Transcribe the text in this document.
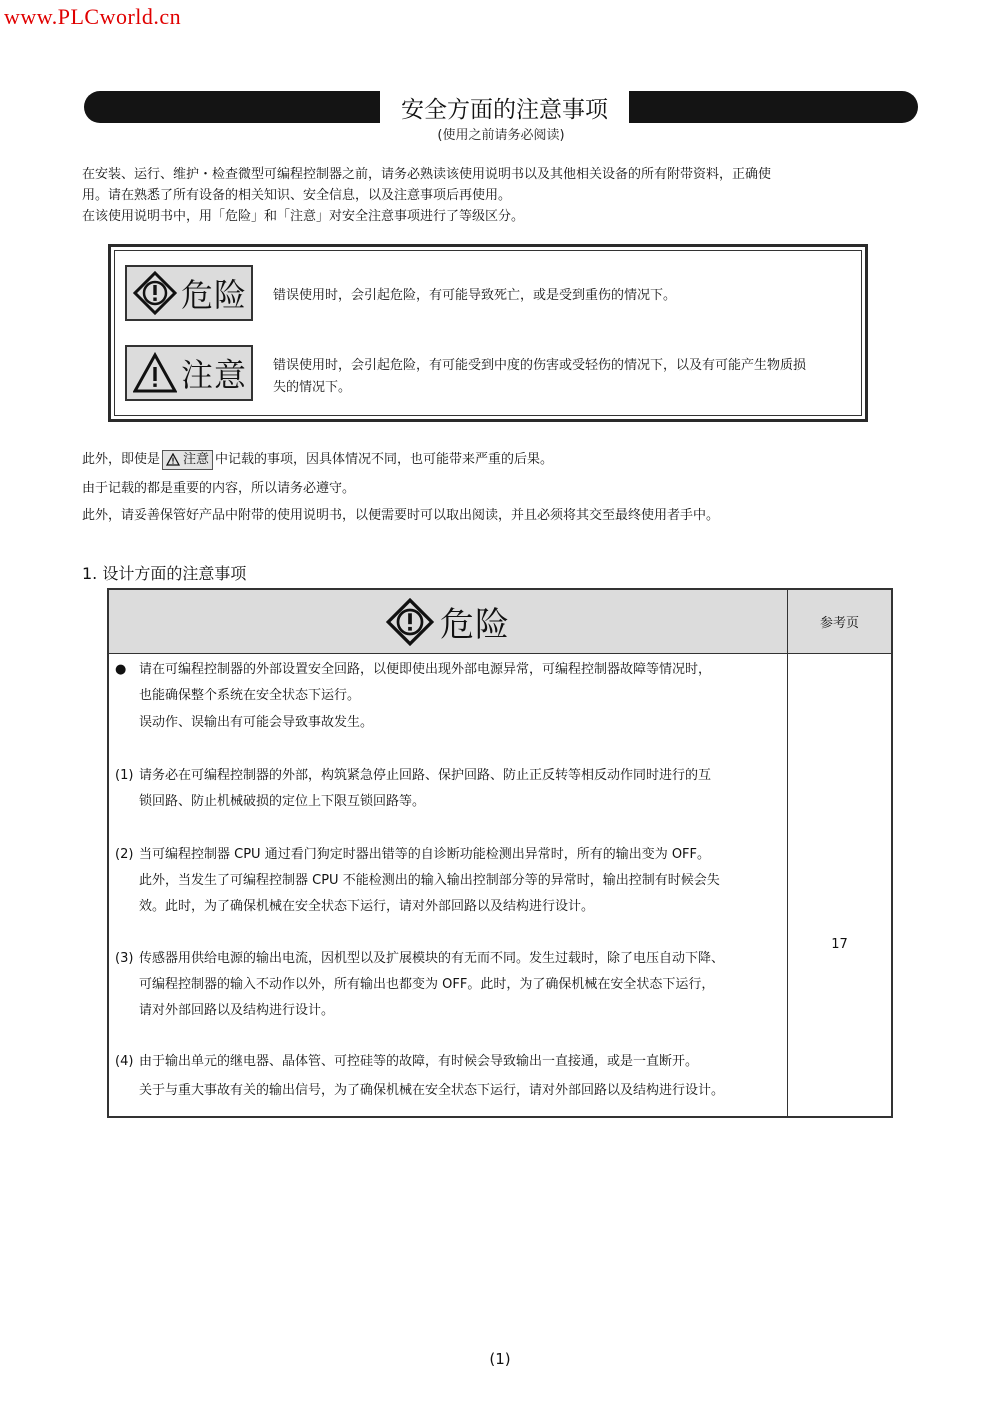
www.PLCworld.cn
安全方面的注意事项
(使用之前请务必阅读)
在安装、运行、维护・检查微型可编程控制器之前，请务必熟读该使用说明书以及其他相关设备的所有附带资料，正确使
用。请在熟悉了所有设备的相关知识、安全信息，以及注意事项后再使用。
在该使用说明书中，用「危险」和「注意」对安全注意事项进行了等级区分。
危险 错误使用时，会引起危险，有可能导致死亡，或是受到重伤的情况下。
注意 错误使用时，会引起危险，有可能受到中度的伤害或受轻伤的情况下，以及有可能产生物质损
失的情况下。
此外，即使是 注意 中记载的事项，因具体情况不同，也可能带来严重的后果。
由于记载的都是重要的内容，所以请务必遵守。
此外，请妥善保管好产品中附带的使用说明书，以便需要时可以取出阅读，并且必须将其交至最终使用者手中。
1. 设计方面的注意事项
危险	参考页
17
● 请在可编程控制器的外部设置安全回路，以便即使出现外部电源异常，可编程控制器故障等情况时，
也能确保整个系统在安全状态下运行。
误动作、误输出有可能会导致事故发生。
(1) 请务必在可编程控制器的外部，构筑紧急停止回路、保护回路、防止正反转等相反动作同时进行的互
锁回路、防止机械破损的定位上下限互锁回路等。
(2) 当可编程控制器 CPU 通过看门狗定时器出错等的自诊断功能检测出异常时，所有的输出变为 OFF。
此外，当发生了可编程控制器 CPU 不能检测出的输入输出控制部分等的异常时，输出控制有时候会失
效。此时，为了确保机械在安全状态下运行，请对外部回路以及结构进行设计。
(3) 传感器用供给电源的输出电流，因机型以及扩展模块的有无而不同。发生过载时，除了电压自动下降、
可编程控制器的输入不动作以外，所有输出也都变为 OFF。此时，为了确保机械在安全状态下运行，
请对外部回路以及结构进行设计。
(4) 由于输出单元的继电器、晶体管、可控硅等的故障，有时候会导致输出一直接通，或是一直断开。
关于与重大事故有关的输出信号，为了确保机械在安全状态下运行，请对外部回路以及结构进行设计。
(1)
